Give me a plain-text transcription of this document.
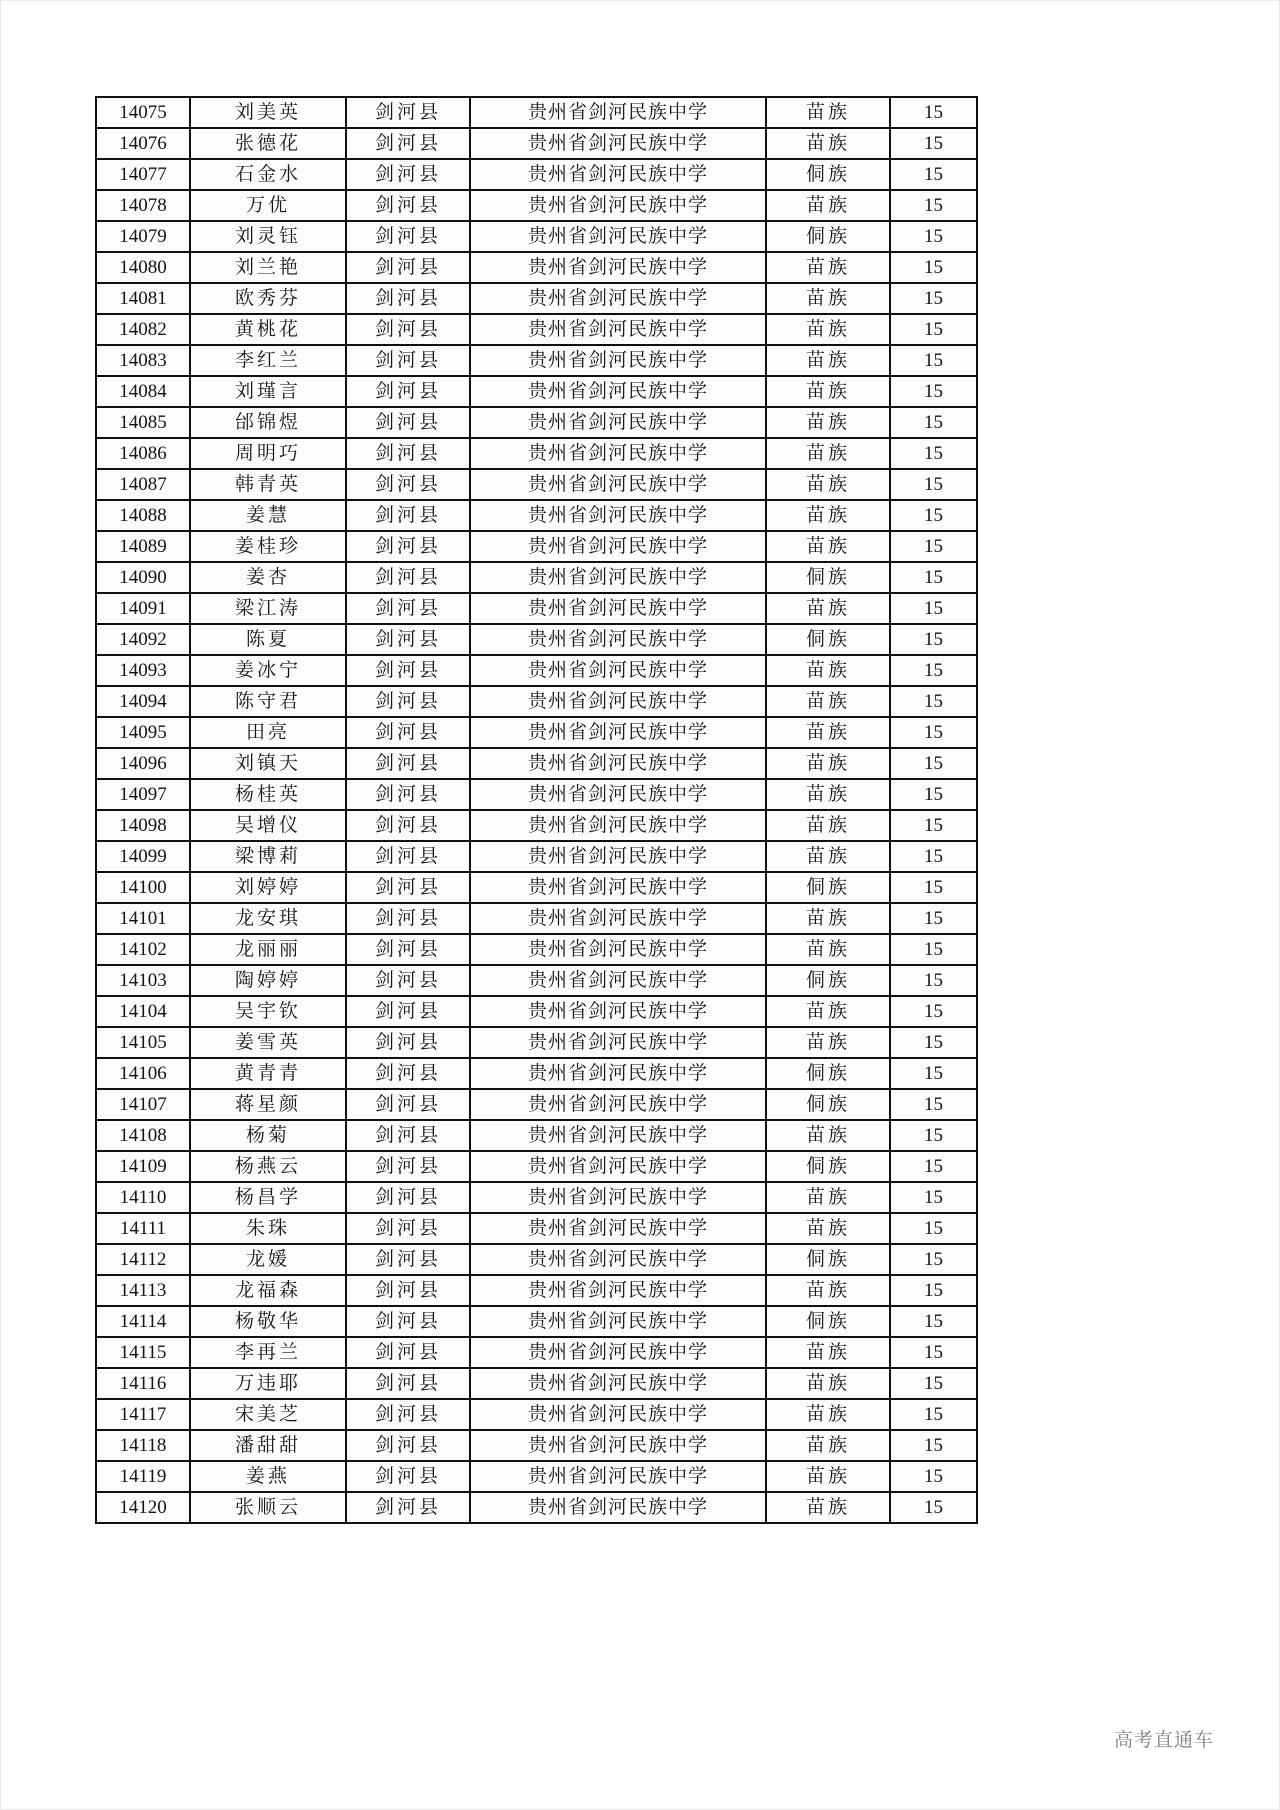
14075	刘美英	剑河县	贵州省剑河民族中学	苗族	15
14076	张德花	剑河县	贵州省剑河民族中学	苗族	15
14077	石金水	剑河县	贵州省剑河民族中学	侗族	15
14078	万优	剑河县	贵州省剑河民族中学	苗族	15
14079	刘灵钰	剑河县	贵州省剑河民族中学	侗族	15
14080	刘兰艳	剑河县	贵州省剑河民族中学	苗族	15
14081	欧秀芬	剑河县	贵州省剑河民族中学	苗族	15
14082	黄桃花	剑河县	贵州省剑河民族中学	苗族	15
14083	李红兰	剑河县	贵州省剑河民族中学	苗族	15
14084	刘瑾言	剑河县	贵州省剑河民族中学	苗族	15
14085	邰锦煜	剑河县	贵州省剑河民族中学	苗族	15
14086	周明巧	剑河县	贵州省剑河民族中学	苗族	15
14087	韩青英	剑河县	贵州省剑河民族中学	苗族	15
14088	姜慧	剑河县	贵州省剑河民族中学	苗族	15
14089	姜桂珍	剑河县	贵州省剑河民族中学	苗族	15
14090	姜杏	剑河县	贵州省剑河民族中学	侗族	15
14091	梁江涛	剑河县	贵州省剑河民族中学	苗族	15
14092	陈夏	剑河县	贵州省剑河民族中学	侗族	15
14093	姜冰宁	剑河县	贵州省剑河民族中学	苗族	15
14094	陈守君	剑河县	贵州省剑河民族中学	苗族	15
14095	田亮	剑河县	贵州省剑河民族中学	苗族	15
14096	刘镇天	剑河县	贵州省剑河民族中学	苗族	15
14097	杨桂英	剑河县	贵州省剑河民族中学	苗族	15
14098	吴增仪	剑河县	贵州省剑河民族中学	苗族	15
14099	梁博莉	剑河县	贵州省剑河民族中学	苗族	15
14100	刘婷婷	剑河县	贵州省剑河民族中学	侗族	15
14101	龙安琪	剑河县	贵州省剑河民族中学	苗族	15
14102	龙丽丽	剑河县	贵州省剑河民族中学	苗族	15
14103	陶婷婷	剑河县	贵州省剑河民族中学	侗族	15
14104	吴宇钦	剑河县	贵州省剑河民族中学	苗族	15
14105	姜雪英	剑河县	贵州省剑河民族中学	苗族	15
14106	黄青青	剑河县	贵州省剑河民族中学	侗族	15
14107	蒋星颜	剑河县	贵州省剑河民族中学	侗族	15
14108	杨菊	剑河县	贵州省剑河民族中学	苗族	15
14109	杨燕云	剑河县	贵州省剑河民族中学	侗族	15
14110	杨昌学	剑河县	贵州省剑河民族中学	苗族	15
14111	朱珠	剑河县	贵州省剑河民族中学	苗族	15
14112	龙媛	剑河县	贵州省剑河民族中学	侗族	15
14113	龙福森	剑河县	贵州省剑河民族中学	苗族	15
14114	杨敬华	剑河县	贵州省剑河民族中学	侗族	15
14115	李再兰	剑河县	贵州省剑河民族中学	苗族	15
14116	万违耶	剑河县	贵州省剑河民族中学	苗族	15
14117	宋美芝	剑河县	贵州省剑河民族中学	苗族	15
14118	潘甜甜	剑河县	贵州省剑河民族中学	苗族	15
14119	姜燕	剑河县	贵州省剑河民族中学	苗族	15
14120	张顺云	剑河县	贵州省剑河民族中学	苗族	15
高考直通车
